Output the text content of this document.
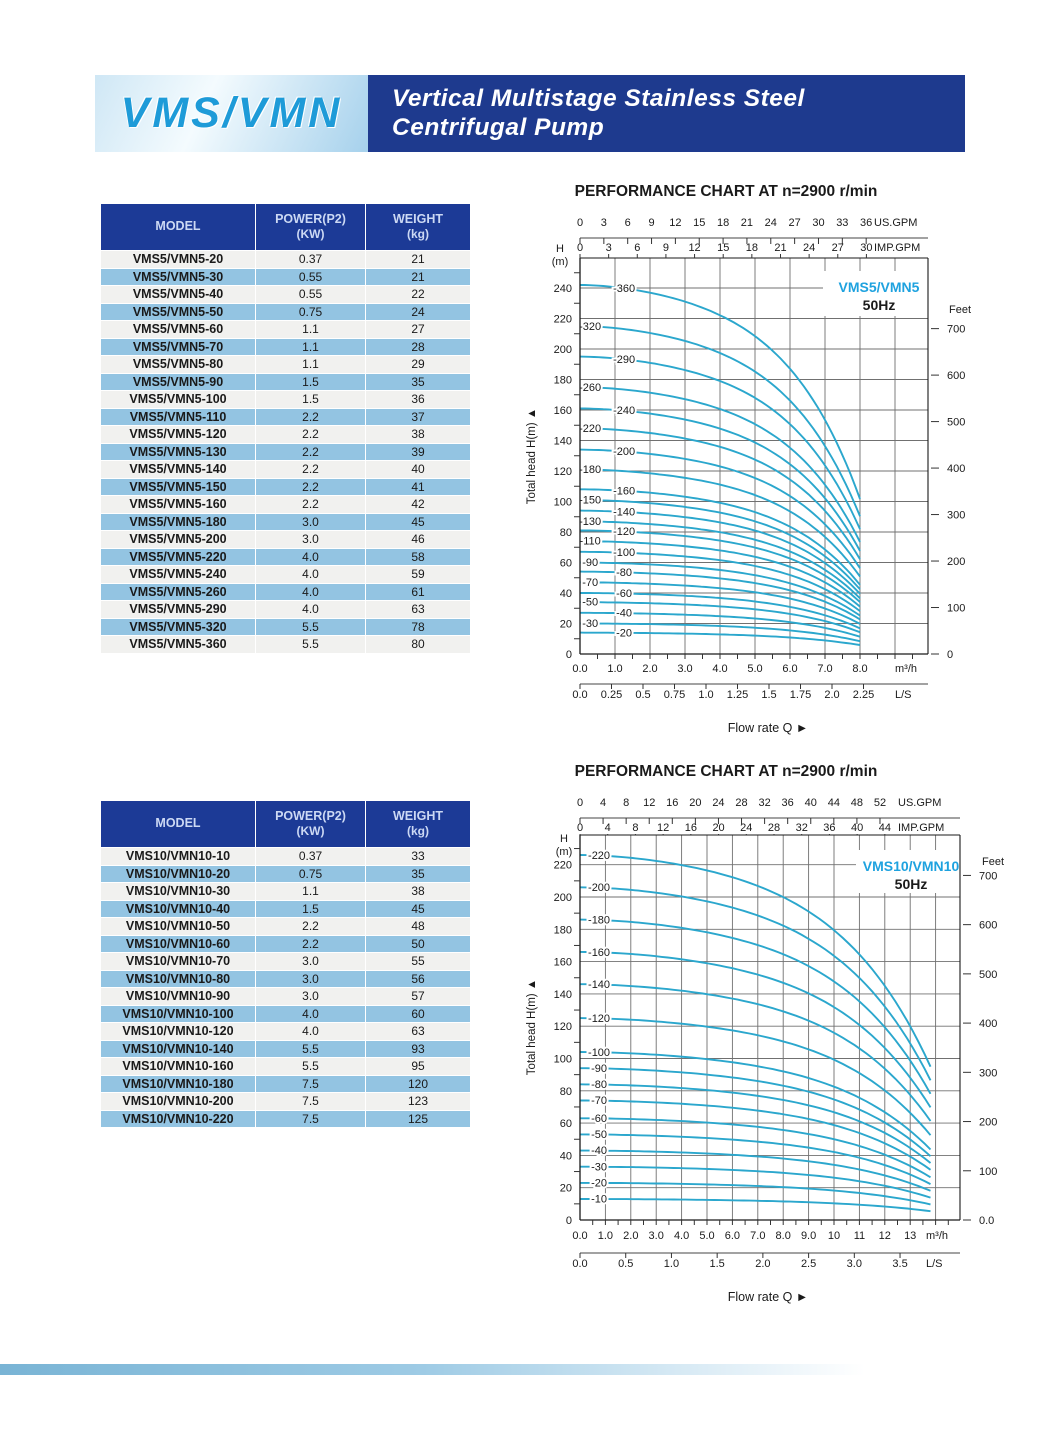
VMS/VMN Vertical Multistage Stainless Steel
Centrifugal Pump
MODEL

POWER(P2)
(KW)

WEIGHT
(kg)

VMS5/VMN5-20	0.37	21
VMS5/VMN5-30	0.55	21
VMS5/VMN5-40	0.55	22
VMS5/VMN5-50	0.75	24
VMS5/VMN5-60	1.1	27
VMS5/VMN5-70	1.1	28
VMS5/VMN5-80	1.1	29
VMS5/VMN5-90	1.5	35
VMS5/VMN5-100	1.5	36
VMS5/VMN5-110	2.2	37
VMS5/VMN5-120	2.2	38
VMS5/VMN5-130	2.2	39
VMS5/VMN5-140	2.2	40
VMS5/VMN5-150	2.2	41
VMS5/VMN5-160	2.2	42
VMS5/VMN5-180	3.0	45
VMS5/VMN5-200	3.0	46
VMS5/VMN5-220	4.0	58
VMS5/VMN5-240	4.0	59
VMS5/VMN5-260	4.0	61
VMS5/VMN5-290	4.0	63
VMS5/VMN5-320	5.5	78
VMS5/VMN5-360	5.5	80
MODEL

POWER(P2)
(KW)

WEIGHT
(kg)

VMS10/VMN10-10	0.37	33
VMS10/VMN10-20	0.75	35
VMS10/VMN10-30	1.1	38
VMS10/VMN10-40	1.5	45
VMS10/VMN10-50	2.2	48
VMS10/VMN10-60	2.2	50
VMS10/VMN10-70	3.0	55
VMS10/VMN10-80	3.0	56
VMS10/VMN10-90	3.0	57
VMS10/VMN10-100	4.0	60
VMS10/VMN10-120	4.0	63
VMS10/VMN10-140	5.5	93
VMS10/VMN10-160	5.5	95
VMS10/VMN10-180	7.5	120
VMS10/VMN10-200	7.5	123
VMS10/VMN10-220	7.5	125
PERFORMANCE CHART AT n=2900 r/min
VMS5/VMN5
50Hz
-360
-320
-290
-260
-240
-220
-200
-180
-160
-150
-140
-130
-120
-110
-100
-90
-80
-70
-60
-50
-40
-30
-20
0
20
40
60
80
100
120
140
160
180
200
220
240
H
(m)
Feet
0
100
200
300
400
500
600
700
0 3 6 9 12 15 18 21 24 27 30 33 36 US.GPM
0 3 6 9 12 15 18 21 24 27 30 IMP.GPM
0.0 1.0 2.0 3.0 4.0 5.0 6.0 7.0 8.0 m³/h
0.0 0.25 0.5 0.75 1.0 1.25 1.5 1.75 2.0 2.25 L/S
Flow rate Q ►
Total head H(m) ▲
PERFORMANCE CHART AT n=2900 r/min
VMS10/VMN10
50Hz
-220
-200
-180
-160
-140
-120
-100
-90
-80
-70
-60
-50
-40
-30
-20
-10
0
20
40
60
80
100
120
140
160
180
200
220
H
(m)
Feet
0.0
100
200
300
400
500
600
700
0 4 8 12 16 20 24 28 32 36 40 44 48 52 US.GPM
0 4 8 12 16 20 24 28 32 36 40 44 IMP.GPM
0.0 1.0 2.0 3.0 4.0 5.0 6.0 7.0 8.0 9.0 10 11 12 13 m³/h
0.0	0.5	1.0	1.5	2.0	2.5	3.0	3.5 L/S
Flow rate Q ►
Total head H(m) ▲
